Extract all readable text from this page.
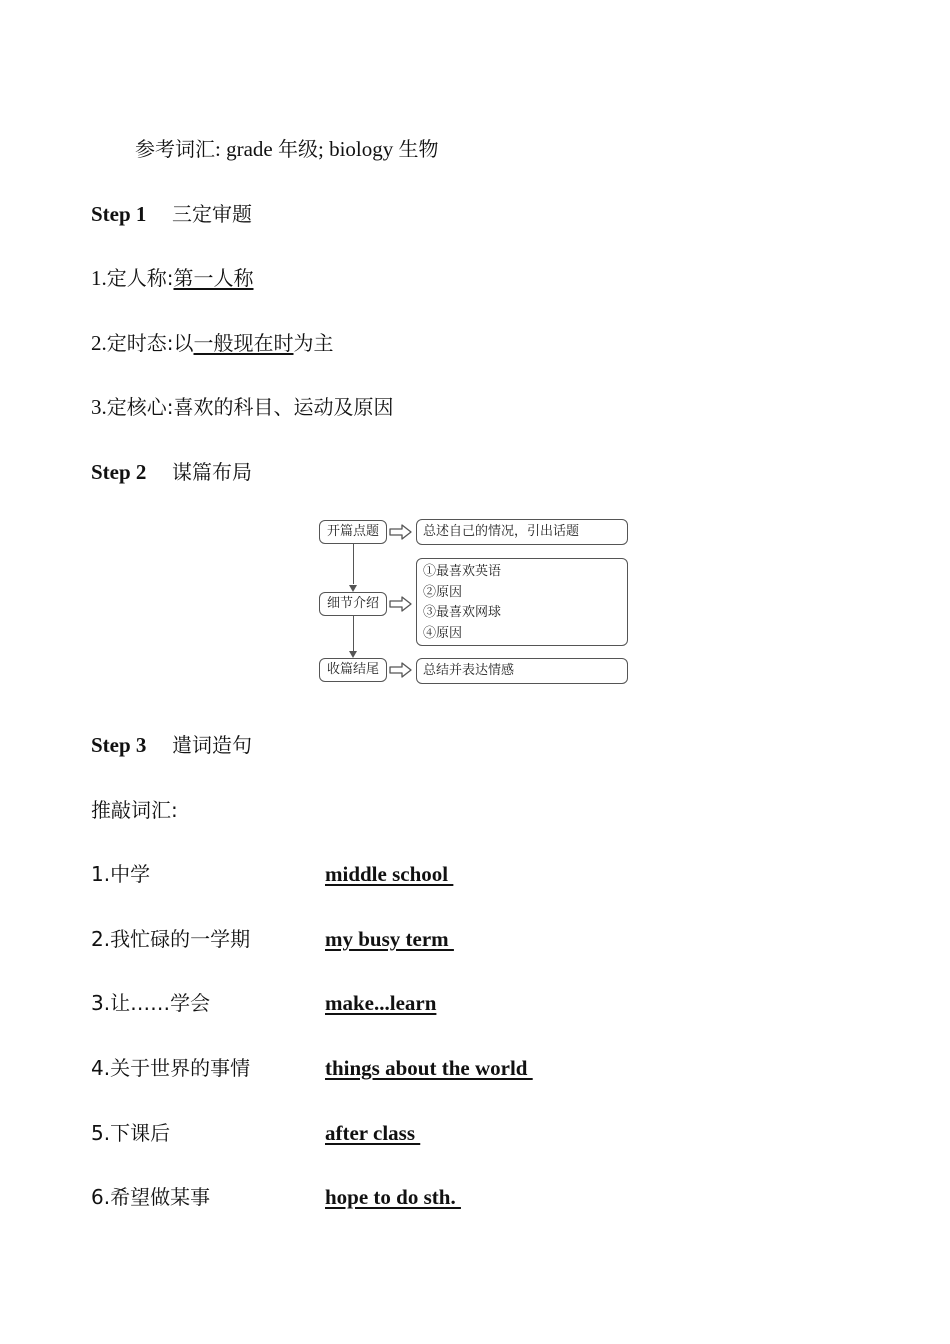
参考词汇: grade 年级; biology 生物
Step 1 三定审题
1.定人称:第一人称
2.定时态:以一般现在时为主
3.定核心:喜欢的科目、运动及原因
Step 2 谋篇布局
开篇点题
细节介绍
收篇结尾
总述自己的情况，引出话题
①最喜欢英语
②原因
③最喜欢网球
④原因
总结并表达情感
Step 3 遣词造句
推敲词汇:
1.中学	middle school
2.我忙碌的一学期	my busy term
3.让……学会	make...learn
4.关于世界的事情	things about the world
5.下课后	after class
6.希望做某事	hope to do sth.
